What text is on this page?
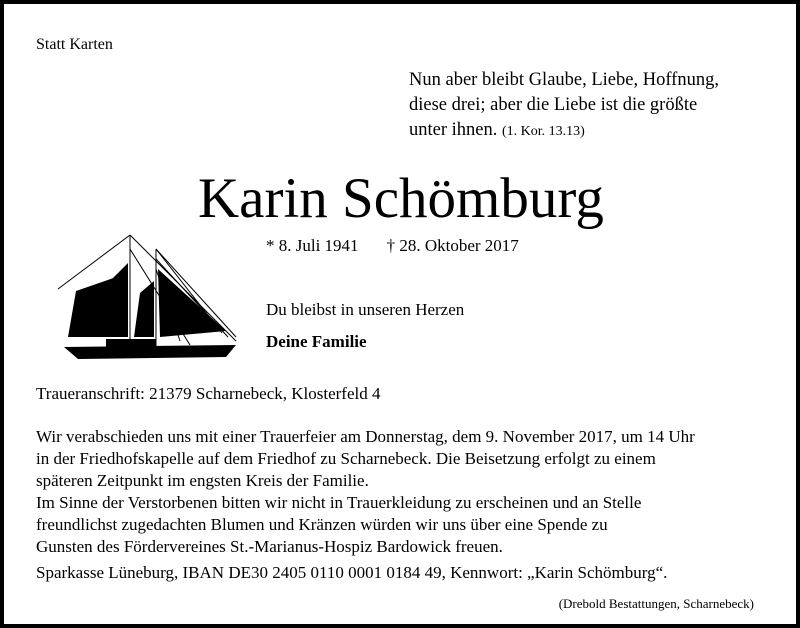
Statt Karten
Nun aber bleibt Glaube, Liebe, Hoffnung,
diese drei; aber die Liebe ist die größte
unter ihnen. (1. Kor. 13.13)
Karin Schömburg
* 8. Juli 1941 † 28. Oktober 2017
Du bleibst in unseren Herzen
Deine Familie
Traueranschrift: 21379 Scharnebeck, Klosterfeld 4
Wir verabschieden uns mit einer Trauerfeier am Donnerstag, dem 9. November 2017, um 14 Uhr
in der Friedhofskapelle auf dem Friedhof zu Scharnebeck. Die Beisetzung erfolgt zu einem
späteren Zeitpunkt im engsten Kreis der Familie.
Im Sinne der Verstorbenen bitten wir nicht in Trauerkleidung zu erscheinen und an Stelle
freundlichst zugedachten Blumen und Kränzen würden wir uns über eine Spende zu
Gunsten des Fördervereines St.-Marianus-Hospiz Bardowick freuen.
Sparkasse Lüneburg, IBAN DE30 2405 0110 0001 0184 49, Kennwort: „Karin Schömburg“.
(Drebold Bestattungen, Scharnebeck)
